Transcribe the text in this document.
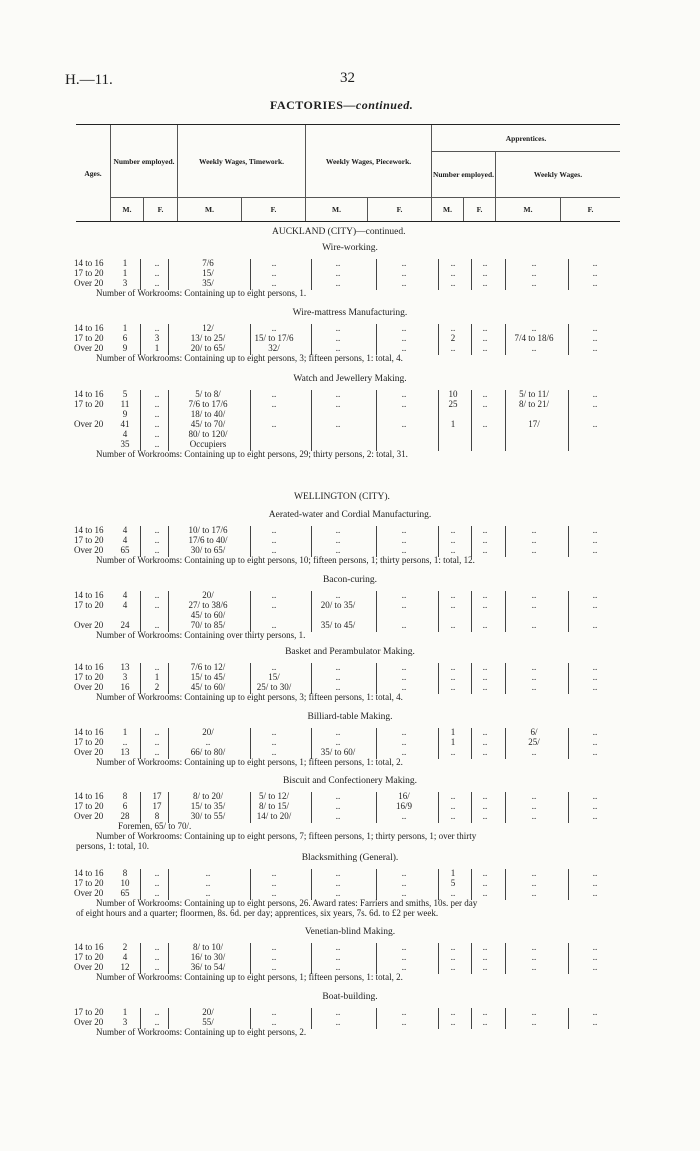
H.—11.	32
FACTORIES—continued.
Ages.
Number employed.	Weekly Wages, Timework.	Weekly Wages, Piecework.
Apprentices.
Number employed.	Weekly Wages.
M.	F.	M.	F.	M.	F.	M.	F.	M.	F.
AUCKLAND (CITY)—continued.
WELLINGTON (CITY).
Wire-working.
14 to 16	1	..	7/6	..	..	..	..	..	..	..
17 to 20	1	..	15/	..	..	..	..	..	..	..
Over 20	3	..	35/	..	..	..	..	..	..	..
Number of Workrooms: Containing up to eight persons, 1.
Wire-mattress Manufacturing.
14 to 16	1	..	12/	..	..	..	..	..	..	..
17 to 20	6	3	13/ to 25/	15/ to 17/6	..	..	2	..	7/4 to 18/6	..
Over 20	9	1	20/ to 65/	32/	..	..	..	..	..	..
Number of Workrooms: Containing up to eight persons, 3; fifteen persons, 1: total, 4.
Watch and Jewellery Making.
14 to 16	5	..	5/ to 8/	..	..	..	10	..	5/ to 11/	..
17 to 20	11	..	7/6 to 17/6	..	..	..	25	..	8/ to 21/	..
9	..	18/ to 40/
Over 20	41	..	45/ to 70/	..	..	..	1	..	17/	..
4	..	80/ to 120/
35	..	Occupiers
Number of Workrooms: Containing up to eight persons, 29; thirty persons, 2: total, 31.
Aerated-water and Cordial Manufacturing.
14 to 16	4	..	10/ to 17/6	..	..	..	..	..	..	..
17 to 20	4	..	17/6 to 40/	..	..	..	..	..	..	..
Over 20	65	..	30/ to 65/	..	..	..	..	..	..	..
Number of Workrooms: Containing up to eight persons, 10; fifteen persons, 1; thirty persons, 1: total, 12.
Bacon-curing.
14 to 16	4	..	20/	..	..	..	..	..	..	..
17 to 20	4	..	27/ to 38/6	..	20/ to 35/	..	..	..	..	..
45/ to 60/
Over 20	24	..	70/ to 85/	..	35/ to 45/	..	..	..	..	..
Number of Workrooms: Containing over thirty persons, 1.
Basket and Perambulator Making.
14 to 16	13	..	7/6 to 12/	..	..	..	..	..	..	..
17 to 20	3	1	15/ to 45/	15/	..	..	..	..	..	..
Over 20	16	2	45/ to 60/	25/ to 30/	..	..	..	..	..	..
Number of Workrooms: Containing up to eight persons, 3; fifteen persons, 1: total, 4.
Billiard-table Making.
14 to 16	1	..	20/	..	..	..	1	..	6/	..
17 to 20	..	..	..	..	..	..	1	..	25/	..
Over 20	13	..	66/ to 80/	..	35/ to 60/	..	..	..	..	..
Number of Workrooms: Containing up to eight persons, 1; fifteen persons, 1: total, 2.
Biscuit and Confectionery Making.
14 to 16	8	17	8/ to 20/	5/ to 12/	..	16/	..	..	..	..
17 to 20	6	17	15/ to 35/	8/ to 15/	..	16/9	..	..	..	..
Over 20	28	8	30/ to 55/	14/ to 20/	..	..	..	..	..	..
Foremen, 65/ to 70/.
Number of Workrooms: Containing up to eight persons, 7; fifteen persons, 1; thirty persons, 1; over thirty
persons, 1: total, 10.
Blacksmithing (General).
14 to 16	8	..	..	..	..	..	1	..	..	..
17 to 20	10	..	..	..	..	..	5	..	..	..
Over 20	65	..	..	..	..	..	..	..	..	..
Number of Workrooms: Containing up to eight persons, 26. Award rates: Farriers and smiths, 10s. per day
of eight hours and a quarter; floormen, 8s. 6d. per day; apprentices, six years, 7s. 6d. to £2 per week.
Venetian-blind Making.
14 to 16	2	..	8/ to 10/	..	..	..	..	..	..	..
17 to 20	4	..	16/ to 30/	..	..	..	..	..	..	..
Over 20	12	..	36/ to 54/	..	..	..	..	..	..	..
Number of Workrooms: Containing up to eight persons, 1; fifteen persons, 1: total, 2.
Boat-building.
17 to 20	1	..	20/	..	..	..	..	..	..	..
Over 20	3	..	55/	..	..	..	..	..	..	..
Number of Workrooms: Containing up to eight persons, 2.
